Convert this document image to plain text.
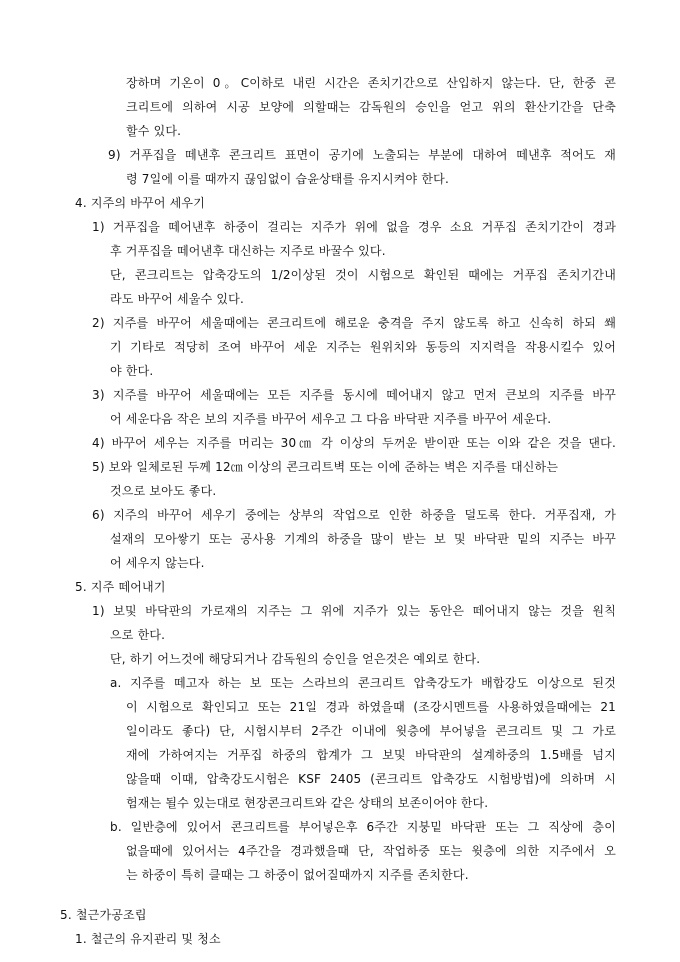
장하며 기온이 0。C이하로 내린 시간은 존치기간으로 산입하지 않는다. 단, 한중 콘
크리트에 의하여 시공 보양에 의할때는 감독원의 승인을 얻고 위의 환산기간을 단축
할수 있다.
9) 거푸집을 떼낸후 콘크리트 표면이 공기에 노출되는 부분에 대하여 떼낸후 적어도 재
령 7일에 이를 때까지 끊임없이 습윤상태를 유지시켜야 한다.
4. 지주의 바꾸어 세우기
1) 거푸집을 떼어낸후 하중이 걸리는 지주가 위에 없을 경우 소요 거푸집 존치기간이 경과
후 거푸집을 떼어낸후 대신하는 지주로 바꿀수 있다.
단, 콘크리트는 압축강도의 1/2이상된 것이 시험으로 확인된 때에는 거푸집 존치기간내
라도 바꾸어 세울수 있다.
2) 지주를 바꾸어 세울때에는 콘크리트에 해로운 충격을 주지 않도록 하고 신속히 하되 쐐
기 기타로 적당히 조여 바꾸어 세운 지주는 원위치와 동등의 지지력을 작용시킬수 있어
야 한다.
3) 지주를 바꾸어 세울때에는 모든 지주를 동시에 떼어내지 않고 먼저 큰보의 지주를 바꾸
어 세운다음 작은 보의 지주를 바꾸어 세우고 그 다음 바닥판 지주를 바꾸어 세운다.
4) 바꾸어 세우는 지주를 머리는 30㎝ 각 이상의 두꺼운 받이판 또는 이와 같은 것을 댄다.
5) 보와 일체로된 두께 12㎝ 이상의 콘크리트벽 또는 이에 준하는 벽은 지주를 대신하는
것으로 보아도 좋다.
6) 지주의 바꾸어 세우기 중에는 상부의 작업으로 인한 하중을 덜도록 한다. 거푸집재, 가
설재의 모아쌓기 또는 공사용 기계의 하중을 많이 받는 보 및 바닥판 밑의 지주는 바꾸
어 세우지 않는다.
5. 지주 떼어내기
1) 보및 바닥판의 가로재의 지주는 그 위에 지주가 있는 동안은 떼어내지 않는 것을 원칙
으로 한다.
단, 하기 어느것에 해당되거나 감독원의 승인을 얻은것은 예외로 한다.
a. 지주를 떼고자 하는 보 또는 스라브의 콘크리트 압축강도가 배합강도 이상으로 된것
이 시험으로 확인되고 또는 21일 경과 하였을때 (조강시멘트를 사용하였을때에는 21
일이라도 좋다) 단, 시험시부터 2주간 이내에 윗층에 부어넣을 콘크리트 및 그 가로
재에 가하여지는 거푸집 하중의 합계가 그 보및 바닥판의 설계하중의 1.5배를 넘지
않을때 이때, 압축강도시험은 KSF 2405 (콘크리트 압축강도 시험방법)에 의하며 시
험재는 될수 있는대로 현장콘크리트와 같은 상태의 보존이어야 한다.
b. 일반층에 있어서 콘크리트를 부어넣은후 6주간 지붕밑 바닥판 또는 그 직상에 층이
없을때에 있어서는 4주간을 경과했을때 단, 작업하중 또는 윗층에 의한 지주에서 오
는 하중이 특히 클때는 그 하중이 없어질때까지 지주를 존치한다.
5. 철근가공조립
1. 철근의 유지관리 및 청소
